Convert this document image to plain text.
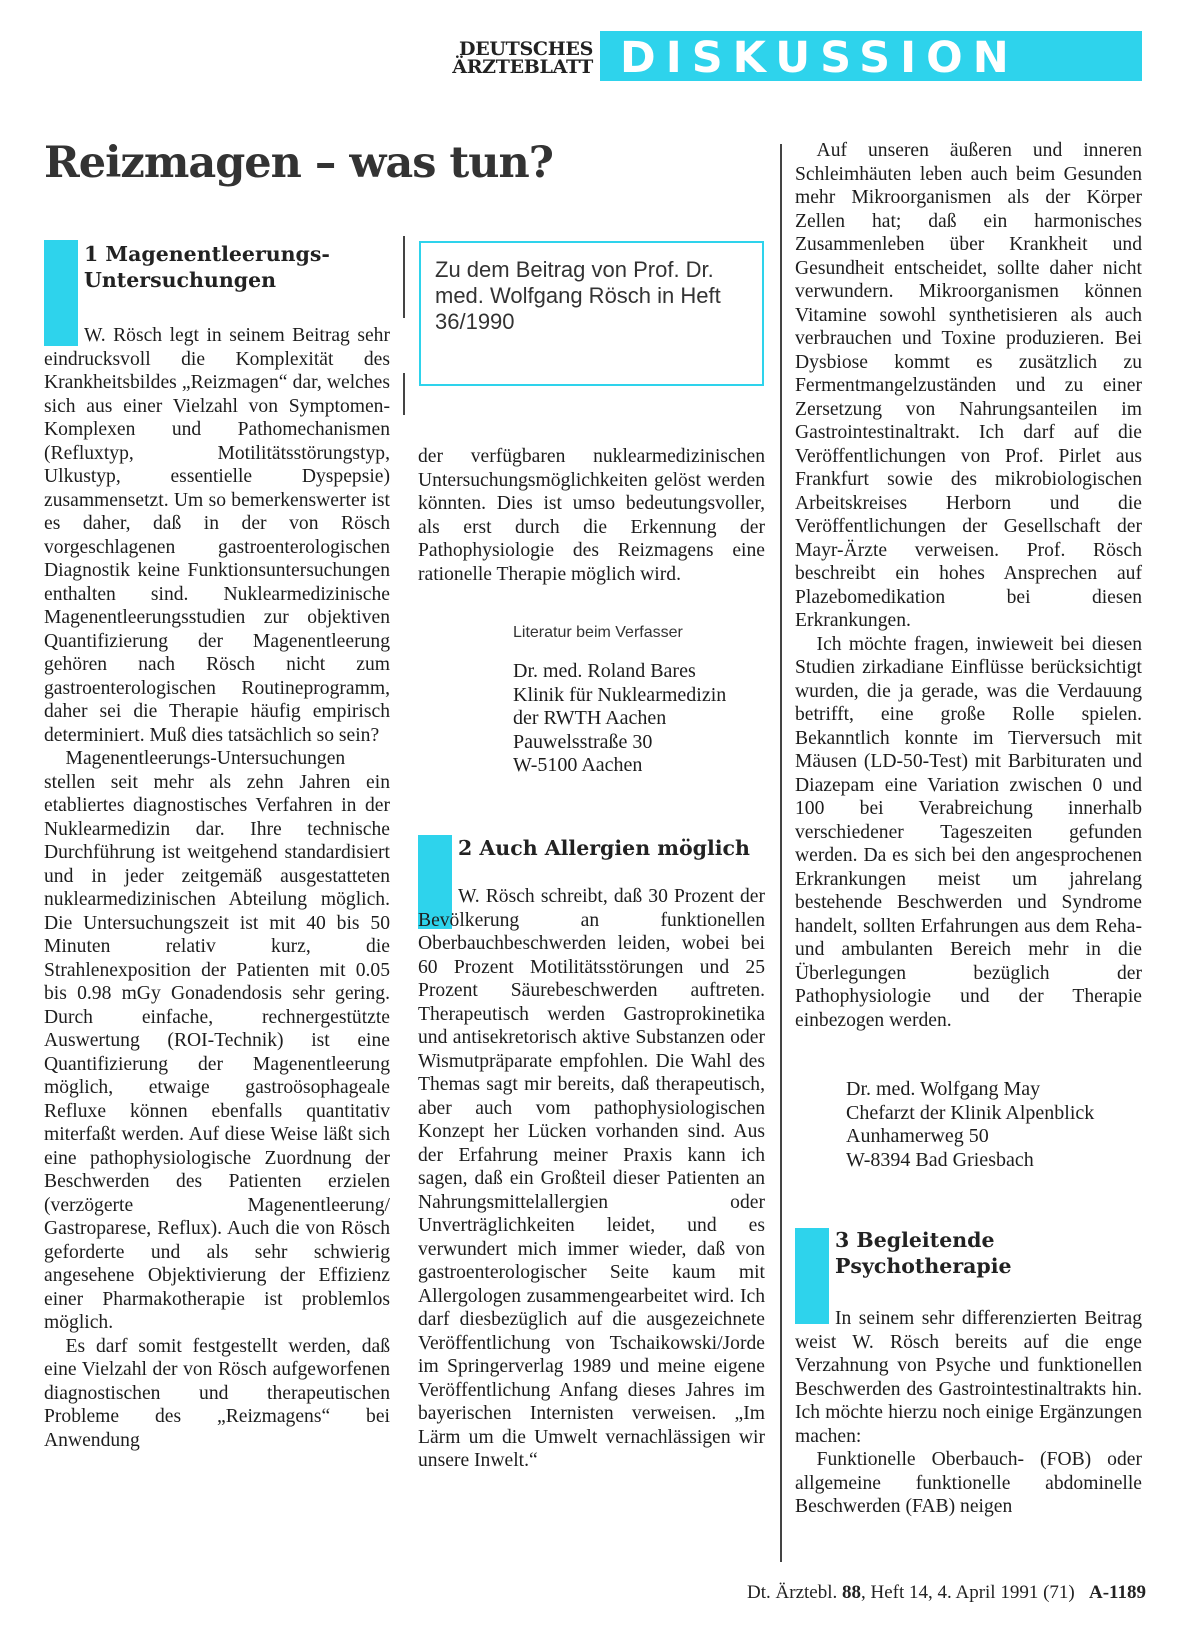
DEUTSCHES ÄRZTEBLATT DISKUSSION
Reizmagen – was tun?
1 Magenentleerungs-
Untersuchungen

W. Rösch legt in seinem Beitrag sehr eindrucksvoll die Komplexität des Krankheitsbildes „Reizmagen“ dar, welches sich aus einer Vielzahl von Symptomen-Komplexen und Pathomechanismen (Refluxtyp, Motilitätsstörungstyp, Ulkustyp, essentielle Dyspepsie) zusammensetzt. Um so bemerkenswerter ist es daher, daß in der von Rösch vorgeschlagenen gastroenterologischen Diagnostik keine Funktionsuntersuchungen enthalten sind. Nuklearmedizinische Magenentleerungsstudien zur objektiven Quantifizierung der Magenentleerung gehören nach Rösch nicht zum gastroenterologischen Routineprogramm, daher sei die Therapie häufig empirisch determiniert. Muß dies tatsächlich so sein?

Magenentleerungs-Untersuchungen stellen seit mehr als zehn Jahren ein etabliertes diagnostisches Verfahren in der Nuklearmedizin dar. Ihre technische Durchführung ist weitgehend standardisiert und in jeder zeitgemäß ausgestatteten nuklearmedizinischen Abteilung möglich. Die Untersuchungszeit ist mit 40 bis 50 Minuten relativ kurz, die Strahlenexposition der Patienten mit 0.05 bis 0.98 mGy Gonadendosis sehr gering. Durch einfache, rechnergestützte Auswertung (ROI-Technik) ist eine Quantifizierung der Magenentleerung möglich, etwaige gastroösophageale Refluxe können ebenfalls quantitativ miterfaßt werden. Auf diese Weise läßt sich eine pathophysiologische Zuordnung der Beschwerden des Patienten erzielen (verzögerte Magenentleerung/ Gastroparese, Reflux). Auch die von Rösch geforderte und als sehr schwierig angesehene Objektivierung der Effizienz einer Pharmakotherapie ist problemlos möglich.

Es darf somit festgestellt werden, daß eine Vielzahl der von Rösch aufgeworfenen diagnostischen und therapeutischen Probleme des „Reizmagens“ bei Anwendung

Zu dem Beitrag von Prof. Dr. med. Wolfgang Rösch in Heft 36/1990

der verfügbaren nuklearmedizinischen Untersuchungsmöglichkeiten gelöst werden könnten. Dies ist umso bedeutungsvoller, als erst durch die Erkennung der Pathophysiologie des Reizmagens eine rationelle Therapie möglich wird.

Literatur beim Verfasser
Dr. med. Roland Bares
Klinik für Nuklearmedizin
der RWTH Aachen
Pauwelsstraße 30
W-5100 Aachen
2 Auch Allergien möglich

W. Rösch schreibt, daß 30 Prozent der Bevölkerung an funktionellen Oberbauchbeschwerden leiden, wobei bei 60 Prozent Motilitätsstörungen und 25 Prozent Säurebeschwerden auftreten. Therapeutisch werden Gastroprokinetika und antisekretorisch aktive Substanzen oder Wismutpräparate empfohlen. Die Wahl des Themas sagt mir bereits, daß therapeutisch, aber auch vom pathophysiologischen Konzept her Lücken vorhanden sind. Aus der Erfahrung meiner Praxis kann ich sagen, daß ein Großteil dieser Patienten an Nahrungsmittelallergien oder Unverträglichkeiten leidet, und es verwundert mich immer wieder, daß von gastroenterologischer Seite kaum mit Allergologen zusammengearbeitet wird. Ich darf diesbezüglich auf die ausgezeichnete Veröffentlichung von Tschaikowski/Jorde im Springerverlag 1989 und meine eigene Veröffentlichung Anfang dieses Jahres im bayerischen Internisten verweisen. „Im Lärm um die Umwelt vernachlässigen wir unsere Inwelt.“

Auf unseren äußeren und inneren Schleimhäuten leben auch beim Gesunden mehr Mikroorganismen als der Körper Zellen hat; daß ein harmonisches Zusammenleben über Krankheit und Gesundheit entscheidet, sollte daher nicht verwundern. Mikroorganismen können Vitamine sowohl synthetisieren als auch verbrauchen und Toxine produzieren. Bei Dysbiose kommt es zusätzlich zu Fermentmangelzuständen und zu einer Zersetzung von Nahrungsanteilen im Gastrointestinaltrakt. Ich darf auf die Veröffentlichungen von Prof. Pirlet aus Frankfurt sowie des mikrobiologischen Arbeitskreises Herborn und die Veröffentlichungen der Gesellschaft der Mayr-Ärzte verweisen. Prof. Rösch beschreibt ein hohes Ansprechen auf Plazebomedikation bei diesen Erkrankungen.

Ich möchte fragen, inwieweit bei diesen Studien zirkadiane Einflüsse berücksichtigt wurden, die ja gerade, was die Verdauung betrifft, eine große Rolle spielen. Bekanntlich konnte im Tierversuch mit Mäusen (LD-50-Test) mit Barbituraten und Diazepam eine Variation zwischen 0 und 100 bei Verabreichung innerhalb verschiedener Tageszeiten gefunden werden. Da es sich bei den angesprochenen Erkrankungen meist um jahrelang bestehende Beschwerden und Syndrome handelt, sollten Erfahrungen aus dem Reha- und ambulanten Bereich mehr in die Überlegungen bezüglich der Pathophysiologie und der Therapie einbezogen werden.

Dr. med. Wolfgang May
Chefarzt der Klinik Alpenblick
Aunhamerweg 50
W-8394 Bad Griesbach
3 Begleitende
Psychotherapie

In seinem sehr differenzierten Beitrag weist W. Rösch bereits auf die enge Verzahnung von Psyche und funktionellen Beschwerden des Gastrointestinaltrakts hin. Ich möchte hierzu noch einige Ergänzungen machen:

Funktionelle Oberbauch- (FOB) oder allgemeine funktionelle abdominelle Beschwerden (FAB) neigen

Dt. Ärztebl. 88, Heft 14, 4. April 1991 (71) A-1189
